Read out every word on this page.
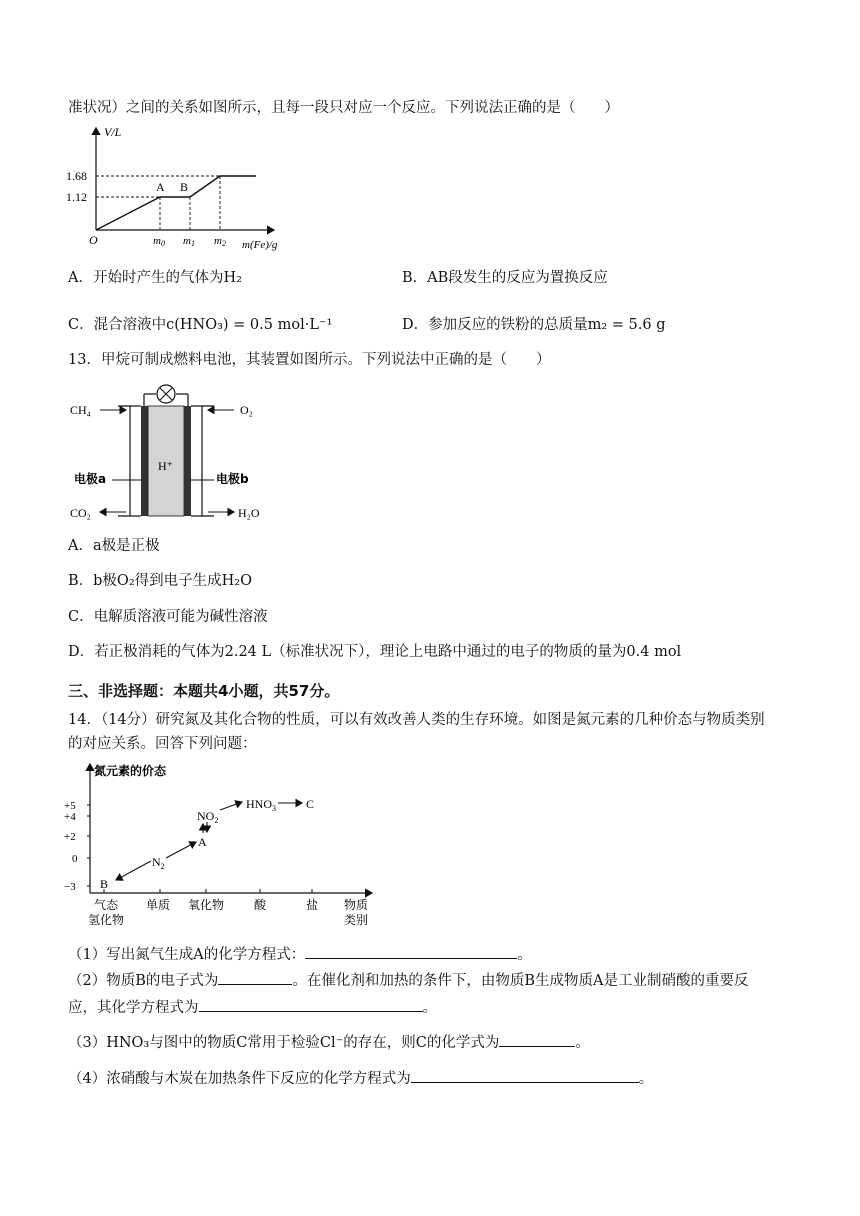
准状况）之间的关系如图所示，且每一段只对应一个反应。下列说法正确的是（　　）
V/L
1.68
1.12
O
A B
m0 m1 m2 m(Fe)/g
A．开始时产生的气体为H₂	B．AB段发生的反应为置换反应
C．混合溶液中c(HNO₃) = 0.5 mol·L⁻¹	D．参加反应的铁粉的总质量m₂ = 5.6 g
13．甲烷可制成燃料电池，其装置如图所示。下列说法中正确的是（　　）
CH₄	O₂
电极a	电极b
H⁺
CO₂	H₂O
A．a极是正极
B．b极O₂得到电子生成H₂O
C．电解质溶液可能为碱性溶液
D．若正极消耗的气体为2.24 L（标准状况下），理论上电路中通过的电子的物质的量为0.4 mol
三、非选择题：本题共4小题，共57分。
14．（14分）研究氮及其化合物的性质，可以有效改善人类的生存环境。如图是氮元素的几种价态与物质类别
的对应关系。回答下列问题：
氮元素的价态
+5
+4
+2
0
−3 B
$N_2$
A
$NO_2$
$HNO_3$	C
气态
氢化物
单质 氧化物 酸	盐 物质
类别
（1）写出氮气生成A的化学方程式：	。
（2）物质B的电子式为	。在催化剂和加热的条件下，由物质B生成物质A是工业制硝酸的重要反
应，其化学方程式为	。
（3）HNO₃与图中的物质C常用于检验Cl⁻的存在，则C的化学式为	。
（4）浓硝酸与木炭在加热条件下反应的化学方程式为	。
